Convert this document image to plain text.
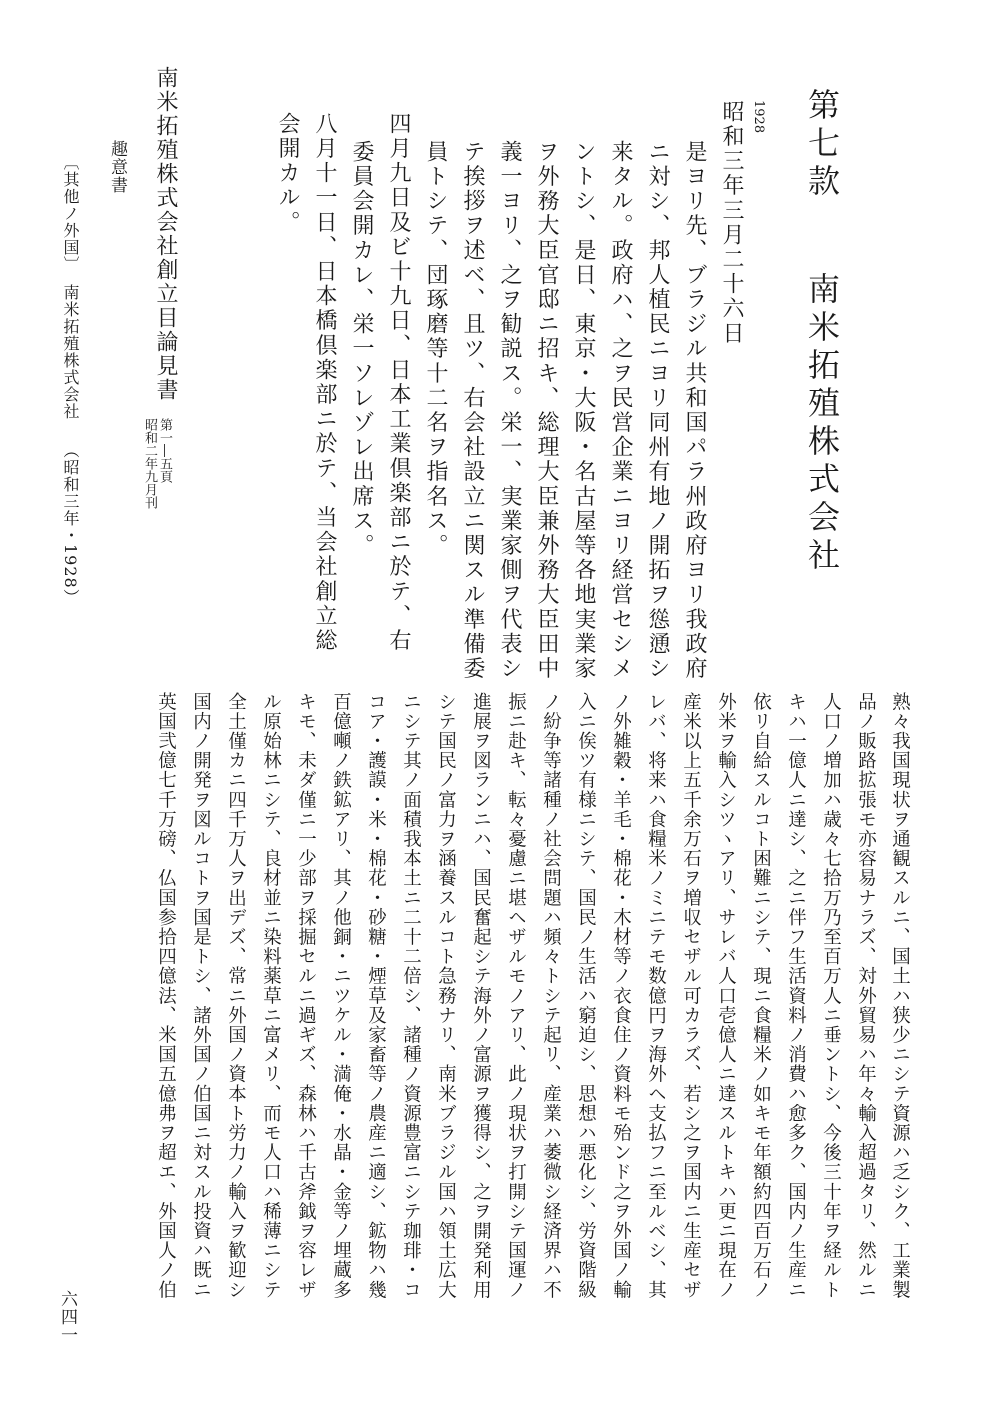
第七款
南米拓殖株式会社
1928
昭和三年三月二十六日
是ヨリ先、ブラジル共和国パラ州政府ヨリ我政府
ニ対シ、邦人植民ニヨリ同州有地ノ開拓ヲ慫慂シ
来タル。政府ハ、之ヲ民営企業ニヨリ経営セシメ
ントシ、是日、東京・大阪・名古屋等各地実業家
ヲ外務大臣官邸ニ招キ、総理大臣兼外務大臣田中
義一ヨリ、之ヲ勧説ス。栄一、実業家側ヲ代表シ
テ挨拶ヲ述ベ、且ツ、右会社設立ニ関スル準備委
員トシテ、団琢磨等十二名ヲ指名ス。
四月九日及ビ十九日、日本工業倶楽部ニ於テ、右
委員会開カレ、栄一ソレゾレ出席ス。
八月十一日、日本橋倶楽部ニ於テ、当会社創立総
会開カル。
南米拓殖株式会社創立目論見書
第一―五頁
昭和二年九月刊
趣意書
〔其他ノ外国〕
南米拓殖株式会社
（昭和三年・1928）
熟々我国現状ヲ通観スルニ、国土ハ狭少ニシテ資源ハ乏シク、工業製
品ノ販路拡張モ亦容易ナラズ、対外貿易ハ年々輸入超過タリ、然ルニ
人口ノ増加ハ歳々七拾万乃至百万人ニ垂ントシ、今後三十年ヲ経ルト
キハ一億人ニ達シ、之ニ伴フ生活資料ノ消費ハ愈多ク、国内ノ生産ニ
依リ自給スルコト困難ニシテ、現ニ食糧米ノ如キモ年額約四百万石ノ
外米ヲ輸入シツヽアリ、サレバ人口壱億人ニ達スルトキハ更ニ現在ノ
産米以上五千余万石ヲ増収セザル可カラズ、若シ之ヲ国内ニ生産セザ
レバ、将来ハ食糧米ノミニテモ数億円ヲ海外ヘ支払フニ至ルベシ、其
ノ外雑穀・羊毛・棉花・木材等ノ衣食住ノ資料モ殆ンド之ヲ外国ノ輸
入ニ俟ツ有様ニシテ、国民ノ生活ハ窮迫シ、思想ハ悪化シ、労資階級
ノ紛争等諸種ノ社会問題ハ頻々トシテ起リ、産業ハ萎微シ経済界ハ不
振ニ赴キ、転々憂慮ニ堪ヘザルモノアリ、此ノ現状ヲ打開シテ国運ノ
進展ヲ図ランニハ、国民奮起シテ海外ノ富源ヲ獲得シ、之ヲ開発利用
シテ国民ノ富力ヲ涵養スルコト急務ナリ、南米ブラジル国ハ領土広大
ニシテ其ノ面積我本土ニ二十二倍シ、諸種ノ資源豊富ニシテ珈琲・コ
コア・護謨・米・棉花・砂糖・煙草及家畜等ノ農産ニ適シ、鉱物ハ幾
百億噸ノ鉄鉱アリ、其ノ他銅・ニツケル・満俺・水晶・金等ノ埋蔵多
キモ、未ダ僅ニ一少部ヲ採掘セルニ過ギズ、森林ハ千古斧鉞ヲ容レザ
ル原始林ニシテ、良材並ニ染料薬草ニ富メリ、而モ人口ハ稀薄ニシテ
全土僅カニ四千万人ヲ出デズ、常ニ外国ノ資本ト労力ノ輸入ヲ歓迎シ
国内ノ開発ヲ図ルコトヲ国是トシ、諸外国ノ伯国ニ対スル投資ハ既ニ
英国弐億七千万磅、仏国参拾四億法、米国五億弗ヲ超エ、外国人ノ伯
六四一
